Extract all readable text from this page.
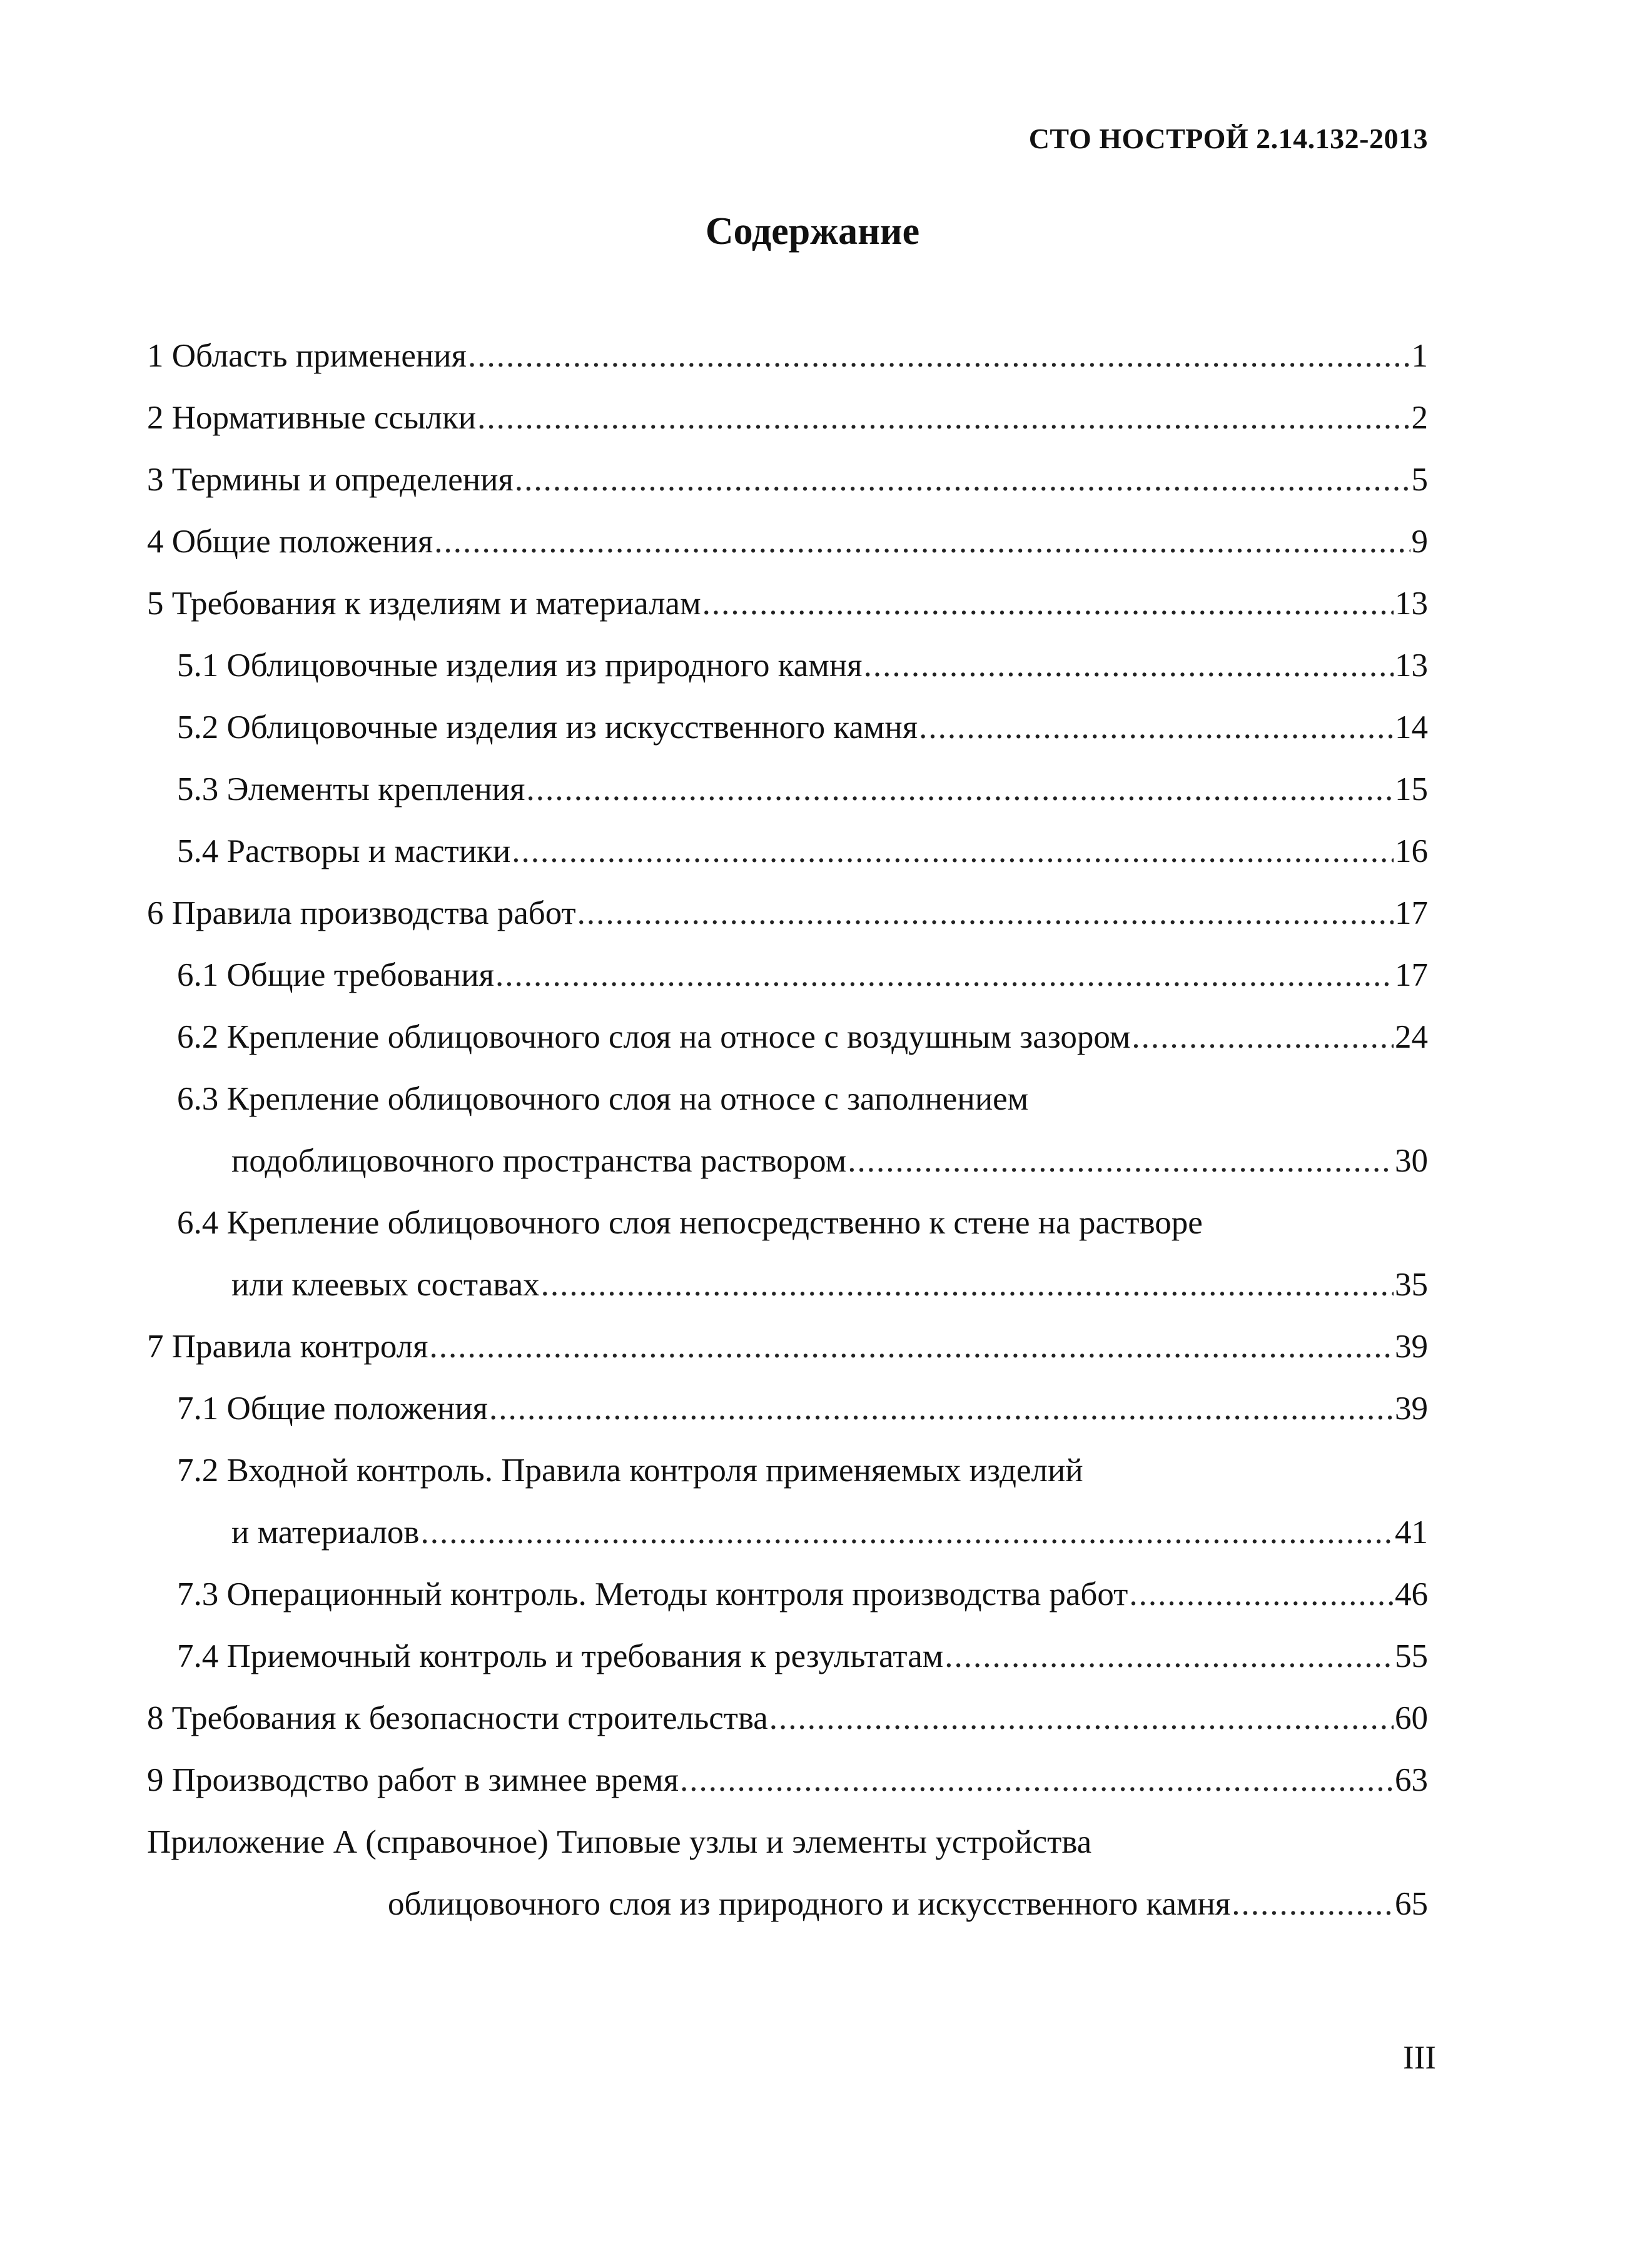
СТО НОСТРОЙ 2.14.132-2013
Содержание
1 Область применения .....	1
2 Нормативные ссылки .....	2
3 Термины и определения .....	5
4 Общие положения .....	9
5 Требования к изделиям и материалам .....	13
5.1 Облицовочные изделия из природного камня .....	13
5.2 Облицовочные изделия из искусственного камня .....	14
5.3 Элементы крепления .....	15
5.4 Растворы и мастики .....	16
6 Правила производства работ .....	17
6.1 Общие требования .....	17
6.2 Крепление облицовочного слоя на относе с воздушным зазором .....	24
6.3 Крепление облицовочного слоя на относе с заполнением
подоблицовочного пространства раствором .....	30
6.4 Крепление облицовочного слоя непосредственно к стене на растворе
или клеевых составах .....	35
7 Правила контроля .....	39
7.1 Общие положения .....	39
7.2 Входной контроль. Правила контроля применяемых изделий
и материалов .....	41
7.3 Операционный контроль. Методы контроля производства работ .....	46
7.4 Приемочный контроль и требования к результатам .....	55
8 Требования к безопасности строительства .....	60
9 Производство работ в зимнее время .....	63
Приложение А (справочное) Типовые узлы и элементы устройства
облицовочного слоя из природного и искусственного камня .....	65
III
